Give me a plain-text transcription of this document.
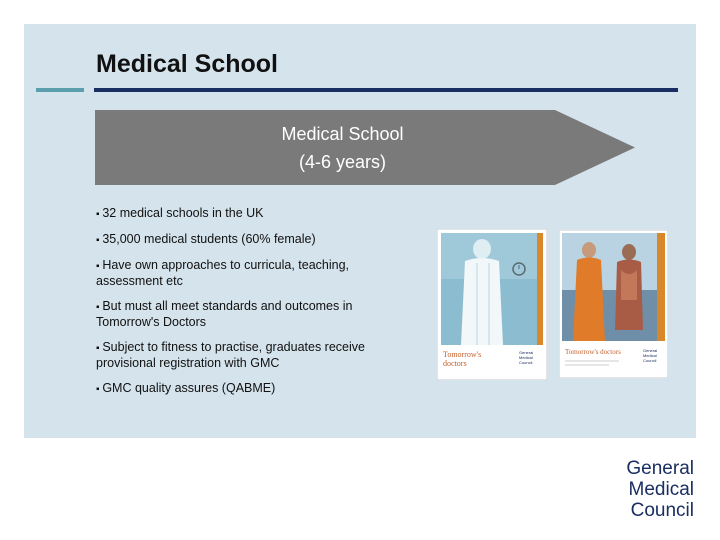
Medical School
Medical School
(4-6 years)
▪ 32 medical schools in the UK
▪ 35,000 medical students (60% female)
▪ Have own approaches to curricula, teaching, assessment etc
▪ But must all meet standards and outcomes in Tomorrow's Doctors
▪ Subject to fitness to practise, graduates receive provisional registration with GMC
▪ GMC quality assures (QABME)
Tomorrow's
doctors
General
Medical
Council
Tomorrow's doctors	General
Medical
Council
General
Medical
Council
